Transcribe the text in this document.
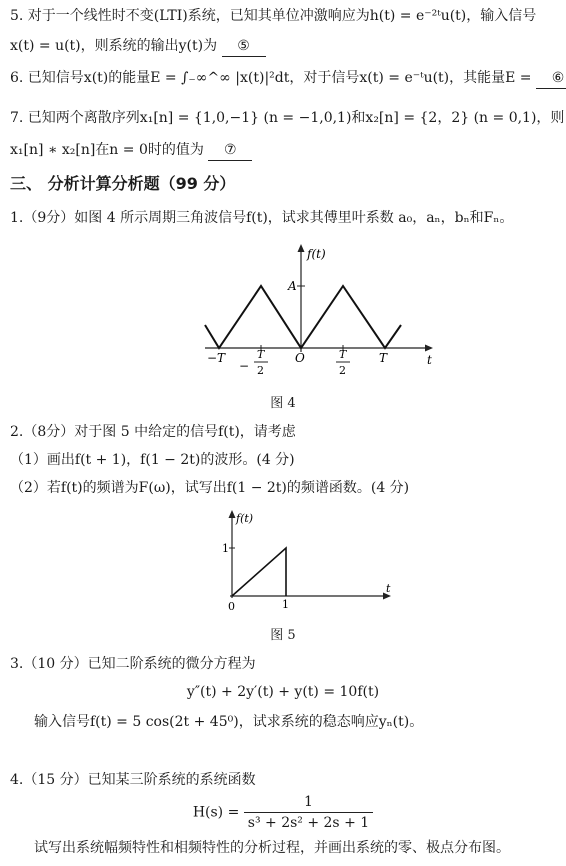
5. 对于一个线性时不变(LTI)系统，已知其单位冲激响应为h(t) = e⁻²ᵗu(t)，输入信号
x(t) = u(t)，则系统的输出y(t)为 ⑤
6. 已知信号x(t)的能量E = ∫₋∞^∞ |x(t)|²dt，对于信号x(t) = e⁻ᵗu(t)，其能量E = ⑥
7. 已知两个离散序列x₁[n] = {1,0,−1} (n = −1,0,1)和x₂[n] = {2，2} (n = 0,1)，则
x₁[n] ∗ x₂[n]在n = 0时的值为 ⑦
三、 分析计算分析题（99 分）
1.（9分）如图 4 所示周期三角波信号f(t)，试求其傅里叶系数 a₀，aₙ，bₙ和Fₙ。
f(t)
A
t
−T
−
T
2
O	T
2
T
图 4
2.（8分）对于图 5 中给定的信号f(t)，请考虑
（1）画出f(t + 1)，f(1 − 2t)的波形。(4 分)
（2）若f(t)的频谱为F(ω)，试写出f(1 − 2t)的频谱函数。(4 分)
f(t)
1
0	1
t
图 5
3.（10 分）已知二阶系统的微分方程为
y″(t) + 2y′(t) + y(t) = 10f(t)
输入信号f(t) = 5 cos(2t + 45⁰)，试求系统的稳态响应yₙ(t)。
4.（15 分）已知某三阶系统的系统函数
$H(s) = \frac{1}{\text{s³ + 2s² + 2s + 1}}$
试写出系统幅频特性和相频特性的分析过程，并画出系统的零、极点分布图。
